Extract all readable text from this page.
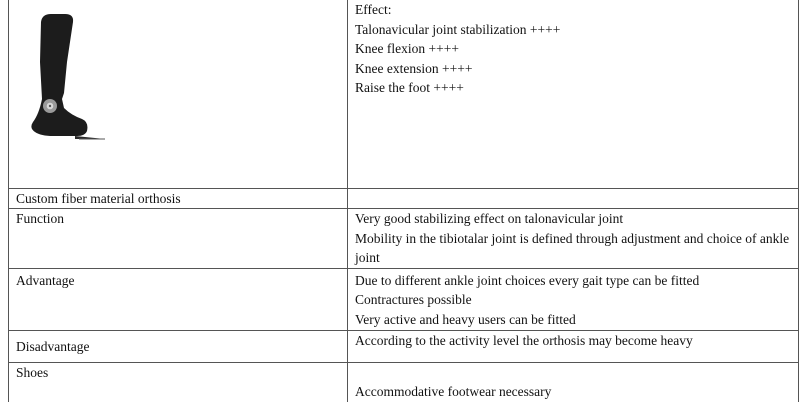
Effect:
Talonavicular joint stabilization ++++
Knee flexion ++++
Knee extension ++++
Raise the foot ++++

Custom fiber material orthosis	
Function	Very good stabilizing effect on talonavicular joint
Mobility in the tibiotalar joint is defined through adjustment and choice of ankle joint

Advantage	Due to different ankle joint choices every gait type can be fitted
Contractures possible
Very active and heavy users can be fitted

Disadvantage	According to the activity level the orthosis may become heavy

Shoes	Accommodative footwear necessary
